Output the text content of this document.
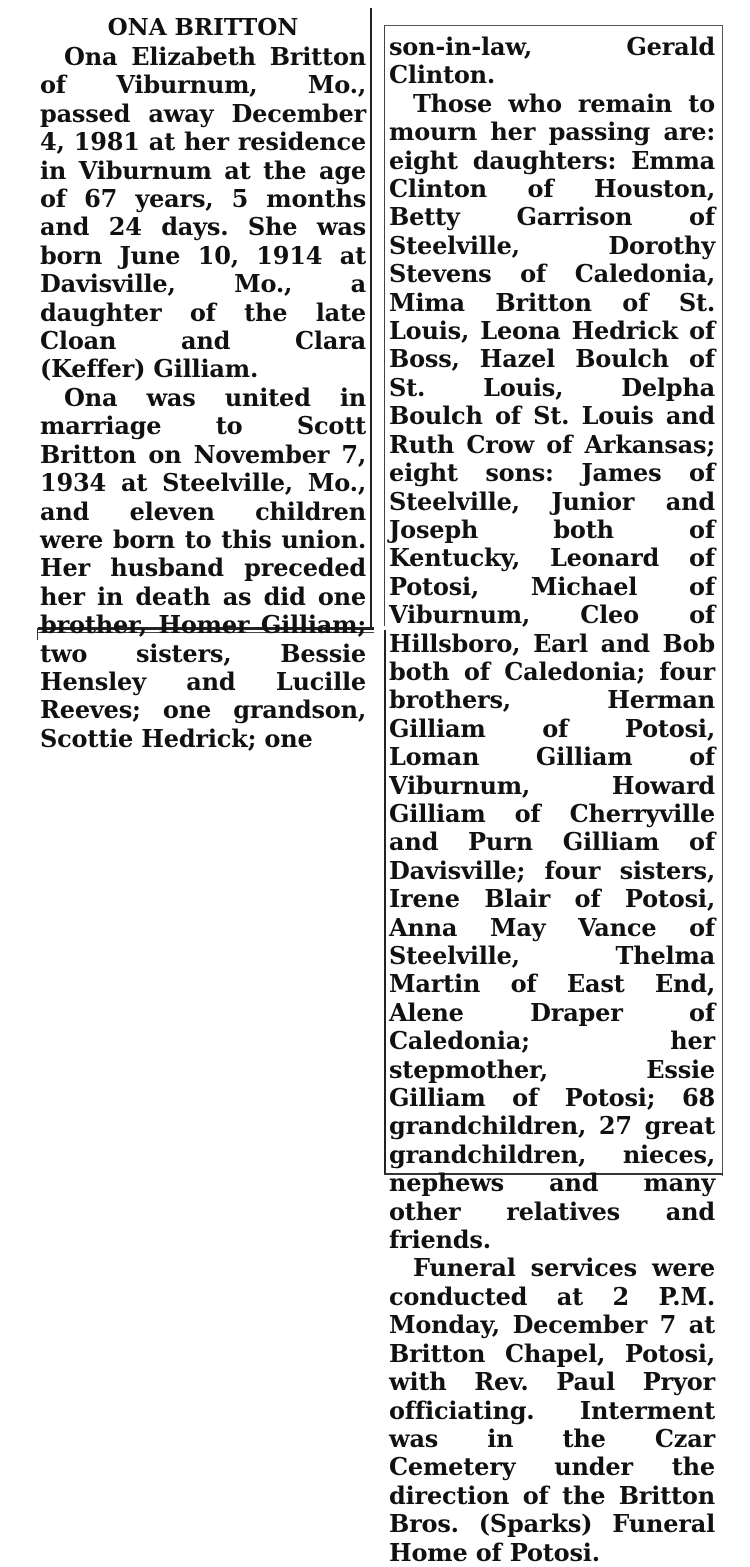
ONA BRITTON

Ona Elizabeth Britton of Viburnum, Mo., passed away December 4, 1981 at her residence in Viburnum at the age of 67 years, 5 months and 24 days. She was born June 10, 1914 at Davisville, Mo., a daughter of the late Cloan and Clara (Keffer) Gilliam.

Ona was united in marriage to Scott Britton on November 7, 1934 at Steelville, Mo., and eleven children were born to this union. Her husband preceded her in death as did one brother, Homer Gilliam; two sisters, Bessie Hensley and Lucille Reeves; one grandson, Scottie Hedrick; one

son-in-law, Gerald Clinton.

Those who remain to mourn her passing are: eight daughters: Emma Clinton of Houston, Betty Garrison of Steelville, Dorothy Stevens of Caledonia, Mima Britton of St. Louis, Leona Hedrick of Boss, Hazel Boulch of St. Louis, Delpha Boulch of St. Louis and Ruth Crow of Arkansas; eight sons: James of Steelville, Junior and Joseph both of Kentucky, Leonard of Potosi, Michael of Viburnum, Cleo of Hillsboro, Earl and Bob both of Caledonia; four brothers, Herman Gilliam of Potosi, Loman Gilliam of Viburnum, Howard Gilliam of Cherryville and Purn Gilliam of Davisville; four sisters, Irene Blair of Potosi, Anna May Vance of Steelville, Thelma Martin of East End, Alene Draper of Caledonia; her stepmother, Essie Gilliam of Potosi; 68 grandchildren, 27 great grandchildren, nieces, nephews and many other relatives and friends.

Funeral services were conducted at 2 P.M. Monday, December 7 at Britton Chapel, Potosi, with Rev. Paul Pryor officiating. Interment was in the Czar Cemetery under the direction of the Britton Bros. (Sparks) Funeral Home of Potosi.
